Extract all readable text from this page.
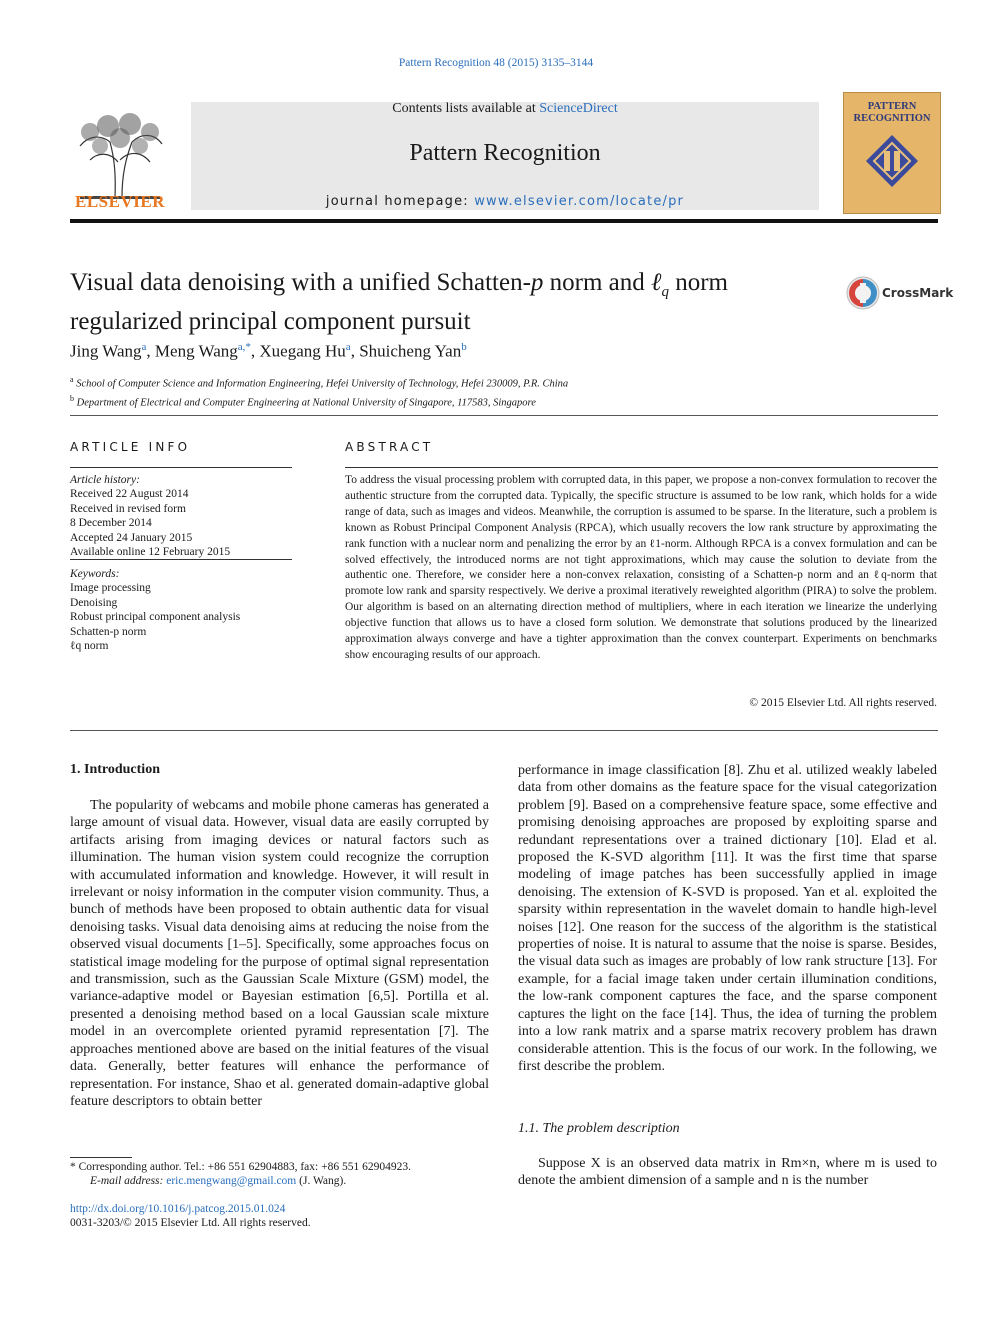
Pattern Recognition 48 (2015) 3135–3144
Contents lists available at ScienceDirect
Pattern Recognition
journal homepage: www.elsevier.com/locate/pr
ELSEVIER
PATTERN
RECOGNITION
Visual data denoising with a unified Schatten-p norm and ℓ$_q$ norm
regularized principal component pursuit
CrossMark
Jing Wang$^a$, Meng Wang$^{a,*}$, Xuegang Hu$^a$, Shuicheng Yan$^b$
$^a$ School of Computer Science and Information Engineering, Hefei University of Technology, Hefei 230009, P.R. China
$^b$ Department of Electrical and Computer Engineering at National University of Singapore, 117583, Singapore
ARTICLE INFO	ABSTRACT
Article history:
Received 22 August 2014
Received in revised form
8 December 2014
Accepted 24 January 2015
Available online 12 February 2015
Keywords:
Image processing
Denoising
Robust principal component analysis
Schatten-p norm
ℓq norm
To address the visual processing problem with corrupted data, in this paper, we propose a non-convex formulation to recover the authentic structure from the corrupted data. Typically, the specific structure is assumed to be low rank, which holds for a wide range of data, such as images and videos. Meanwhile, the corruption is assumed to be sparse. In the literature, such a problem is known as Robust Principal Component Analysis (RPCA), which usually recovers the low rank structure by approximating the rank function with a nuclear norm and penalizing the error by an ℓ1-norm. Although RPCA is a convex formulation and can be solved effectively, the introduced norms are not tight approximations, which may cause the solution to deviate from the authentic one. Therefore, we consider here a non-convex relaxation, consisting of a Schatten-p norm and an ℓq-norm that promote low rank and sparsity respectively. We derive a proximal iteratively reweighted algorithm (PIRA) to solve the problem. Our algorithm is based on an alternating direction method of multipliers, where in each iteration we linearize the underlying objective function that allows us to have a closed form solution. We demonstrate that solutions produced by the linearized approximation always converge and have a tighter approximation than the convex counterpart. Experiments on benchmarks show encouraging results of our approach.
© 2015 Elsevier Ltd. All rights reserved.
1. Introduction

The popularity of webcams and mobile phone cameras has generated a large amount of visual data. However, visual data are easily corrupted by artifacts arising from imaging devices or natural factors such as illumination. The human vision system could recognize the corruption with accumulated information and knowledge. However, it will result in irrelevant or noisy information in the computer vision community. Thus, a bunch of methods have been proposed to obtain authentic data for visual denoising tasks. Visual data denoising aims at reducing the noise from the observed visual documents [1–5]. Specifically, some approaches focus on statistical image modeling for the purpose of optimal signal representation and transmission, such as the Gaussian Scale Mixture (GSM) model, the variance-adaptive model or Bayesian estimation [6,5]. Portilla et al. presented a denoising method based on a local Gaussian scale mixture model in an overcomplete oriented pyramid representation [7]. The approaches mentioned above are based on the initial features of the visual data. Generally, better features will enhance the performance of representation. For instance, Shao et al. generated domain-adaptive global feature descriptors to obtain better

performance in image classification [8]. Zhu et al. utilized weakly labeled data from other domains as the feature space for the visual categorization problem [9]. Based on a comprehensive feature space, some effective and promising denoising approaches are proposed by exploiting sparse and redundant representations over a trained dictionary [10]. Elad et al. proposed the K-SVD algorithm [11]. It was the first time that sparse modeling of image patches has been successfully applied in image denoising. The extension of K-SVD is proposed. Yan et al. exploited the sparsity within representation in the wavelet domain to handle high-level noises [12]. One reason for the success of the algorithm is the statistical properties of noise. It is natural to assume that the noise is sparse. Besides, the visual data such as images are probably of low rank structure [13]. For example, for a facial image taken under certain illumination conditions, the low-rank component captures the face, and the sparse component captures the light on the face [14]. Thus, the idea of turning the problem into a low rank matrix and a sparse matrix recovery problem has drawn considerable attention. This is the focus of our work. In the following, we first describe the problem.

1.1. The problem description

Suppose X is an observed data matrix in Rm×n, where m is used to denote the ambient dimension of a sample and n is the number

* Corresponding author. Tel.: +86 551 62904883, fax: +86 551 62904923.
E-mail address: eric.mengwang@gmail.com (J. Wang).
http://dx.doi.org/10.1016/j.patcog.2015.01.024
0031-3203/© 2015 Elsevier Ltd. All rights reserved.
